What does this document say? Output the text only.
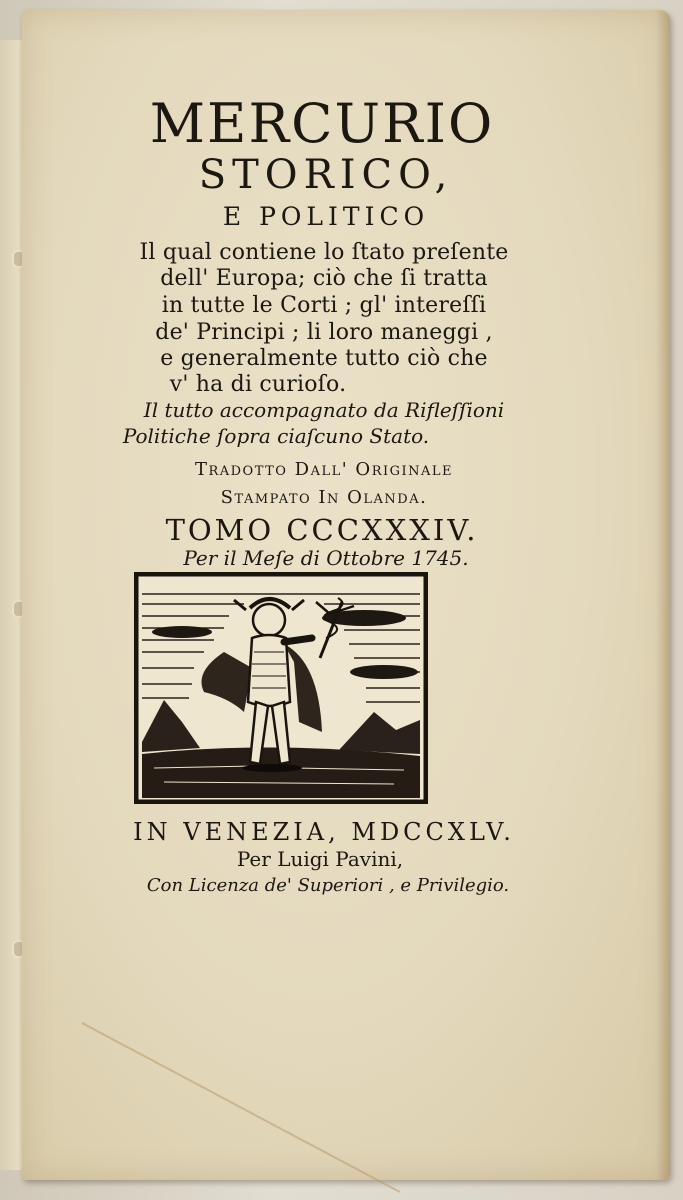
MERCURIO
STORICO,
E POLITICO
Il qual contiene lo ſtato preſente
dell' Europa; ciò che ſi tratta
in tutte le Corti ; gl' intereſſi
de' Principi ; li loro maneggi ,
e generalmente tutto ciò che
v' ha di curioſo.
Il tutto accompagnato da Rifleſſioni
Politiche ſopra ciaſcuno Stato.
Tradotto Dall' Originale
Stampato In Olanda.
TOMO CCCXXXIV.
Per il Meſe di Ottobre 1745.
IN VENEZIA, MDCCXLV.
Per Luigi Pavini,
Con Licenza de' Superiori , e Privilegio.
